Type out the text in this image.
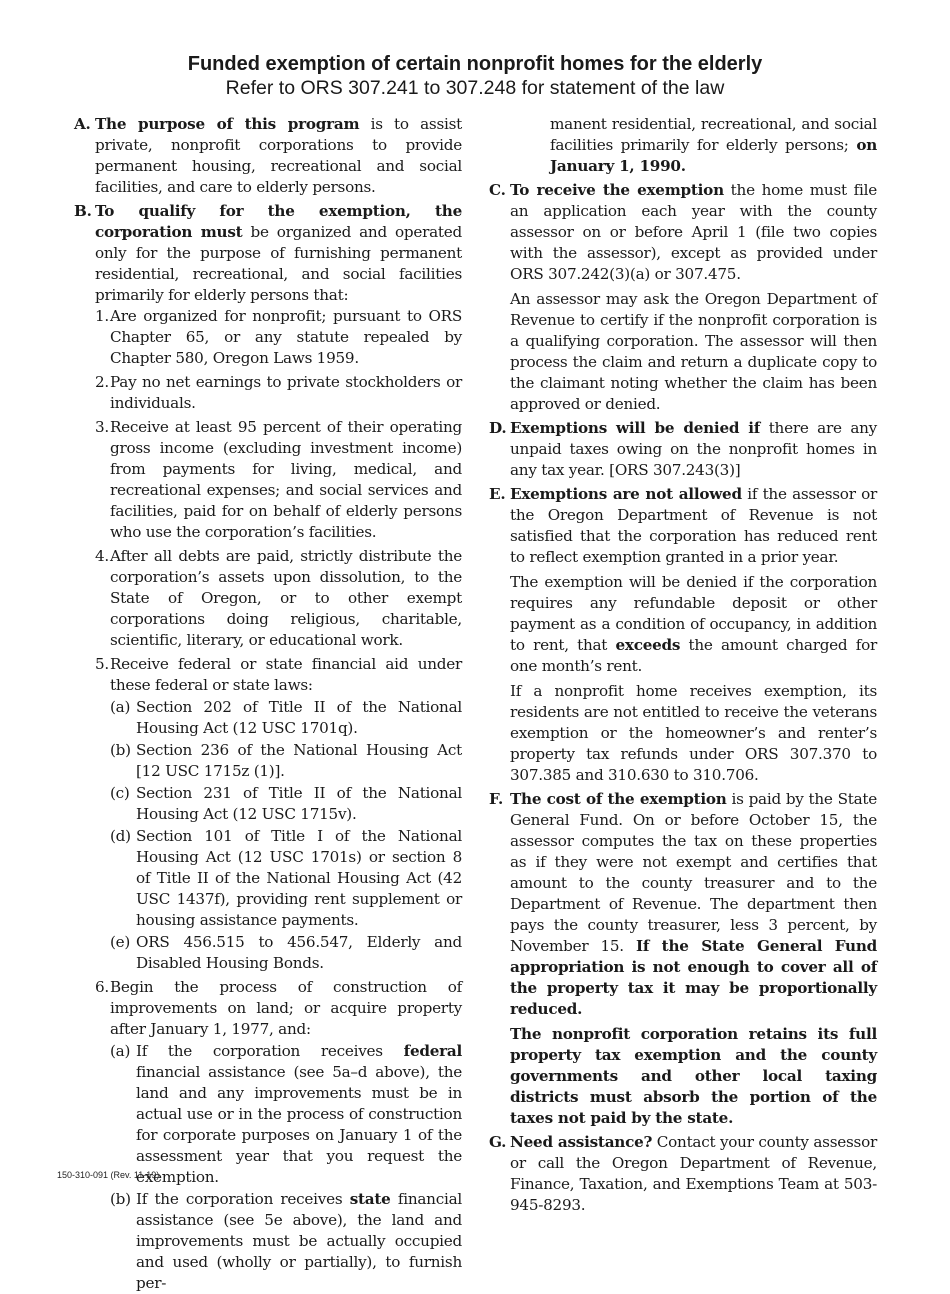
Funded exemption of certain nonprofit homes for the elderly
Refer to ORS 307.241 to 307.248 for statement of the law
A. The purpose of this program is to assist private, nonprofit corporations to provide permanent housing, recreational and social facilities, and care to elderly persons.

B. To qualify for the exemption, the corporation must be organized and operated only for the purpose of furnishing permanent residential, recreational, and social facilities primarily for elderly persons that:

1. Are organized for nonprofit; pursuant to ORS Chapter 65, or any statute repealed by Chapter 580, Oregon Laws 1959.
2. Pay no net earnings to private stockholders or individuals.
3. Receive at least 95 percent of their operating gross income (excluding investment income) from payments for living, medical, and recreational expenses; and social services and facilities, paid for on behalf of elderly persons who use the corporation’s facilities.
4. After all debts are paid, strictly distribute the corporation’s assets upon dissolution, to the State of Oregon, or to other exempt corporations doing religious, charitable, scientific, literary, or educational work.
5. Receive federal or state financial aid under these federal or state laws:
(a) Section 202 of Title II of the National Housing Act (12 USC 1701q).
(b) Section 236 of the National Housing Act [12 USC 1715z (1)].
(c) Section 231 of Title II of the National Housing Act (12 USC 1715v).
(d) Section 101 of Title I of the National Housing Act (12 USC 1701s) or section 8 of Title II of the National Housing Act (42 USC 1437f), providing rent supplement or housing assistance payments.
(e) ORS 456.515 to 456.547, Elderly and Disabled Housing Bonds.
6. Begin the process of construction of improvements on land; or acquire property after January 1, 1977, and:
(a) If the corporation receives federal financial assistance (see 5a–d above), the land and any improvements must be in actual use or in the process of construction for corporate purposes on January 1 of the assessment year that you request the exemption.
(b) If the corporation receives state financial assistance (see 5e above), the land and improvements must be actually occupied and used (wholly or partially), to furnish per-

manent residential, recreational, and social facilities primarily for elderly persons; on January 1, 1990.

C. To receive the exemption the home must file an application each year with the county assessor on or before April 1 (file two copies with the assessor), except as provided under ORS 307.242(3)(a) or 307.475.

An assessor may ask the Oregon Department of Revenue to certify if the nonprofit corporation is a qualifying corporation. The assessor will then process the claim and return a duplicate copy to the claimant noting whether the claim has been approved or denied.

D. Exemptions will be denied if there are any unpaid taxes owing on the nonprofit homes in any tax year. [ORS 307.243(3)]

E. Exemptions are not allowed if the assessor or the Oregon Department of Revenue is not satisfied that the corporation has reduced rent to reflect exemption granted in a prior year.

The exemption will be denied if the corporation requires any refundable deposit or other payment as a condition of occupancy, in addition to rent, that exceeds the amount charged for one month’s rent.

If a nonprofit home receives exemption, its residents are not entitled to receive the veterans exemption or the homeowner’s and renter’s property tax refunds under ORS 307.370 to 307.385 and 310.630 to 310.706.

F. The cost of the exemption is paid by the State General Fund. On or before October 15, the assessor computes the tax on these properties as if they were not exempt and certifies that amount to the county treasurer and to the Department of Revenue. The department then pays the county treasurer, less 3 percent, by November 15. If the State General Fund appropriation is not enough to cover all of the property tax it may be proportionally reduced.

The nonprofit corporation retains its full property tax exemption and the county governments and other local taxing districts must absorb the portion of the taxes not paid by the state.

G. Need assistance? Contact your county assessor or call the Oregon Department of Revenue, Finance, Taxation, and Exemptions Team at 503-945-8293.

150-310-091 (Rev. 11-19)
